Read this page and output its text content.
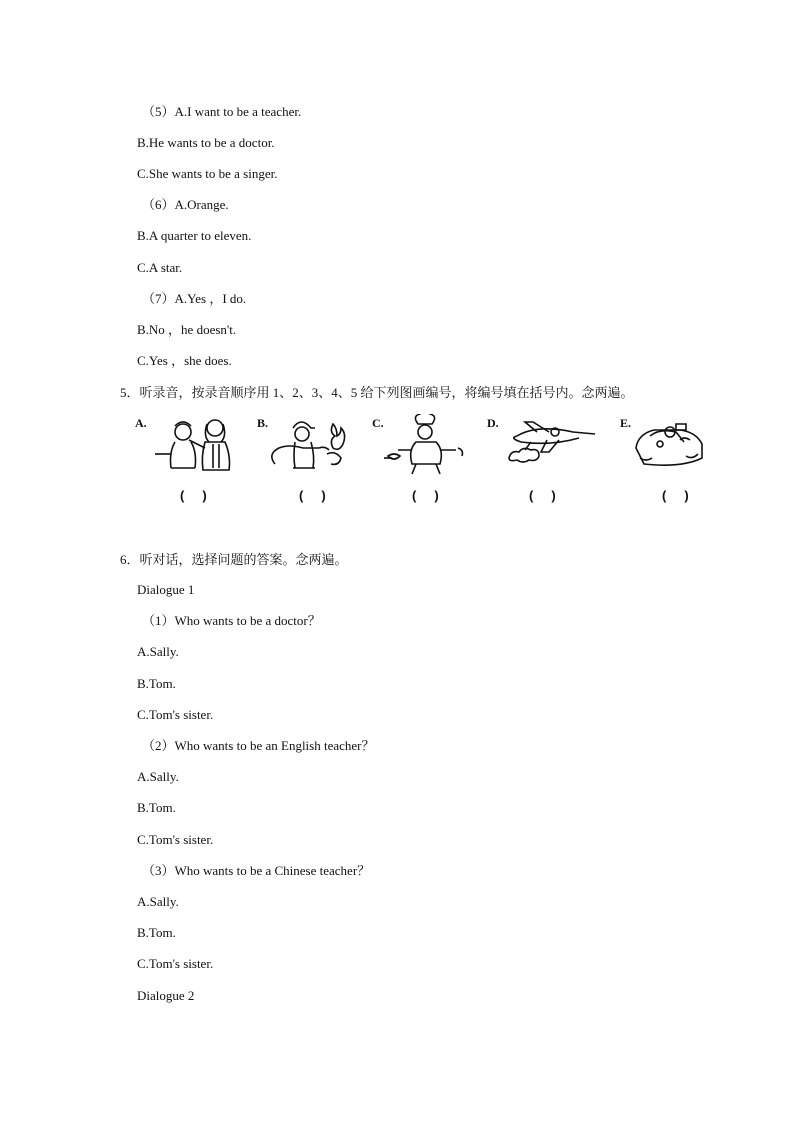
（5）A.I want to be a teacher.
B.He wants to be a doctor.
C.She wants to be a singer.
（6）A.Orange.
B.A quarter to eleven.
C.A star.
（7）A.Yes ，I do.
B.No ，he doesn't.
C.Yes ，she does.
5．听录音，按录音顺序用 1、2、3、4、5 给下列图画编号，将编号填在括号内。念两遍。
A.
( )
B.
( )
C.
( )
D.
( )
E.
( )
6．听对话，选择问题的答案。念两遍。
Dialogue 1
（1）Who wants to be a doctor？
A.Sally.
B.Tom.
C.Tom's sister.
（2）Who wants to be an English teacher？
A.Sally.
B.Tom.
C.Tom's sister.
（3）Who wants to be a Chinese teacher？
A.Sally.
B.Tom.
C.Tom's sister.
Dialogue 2
